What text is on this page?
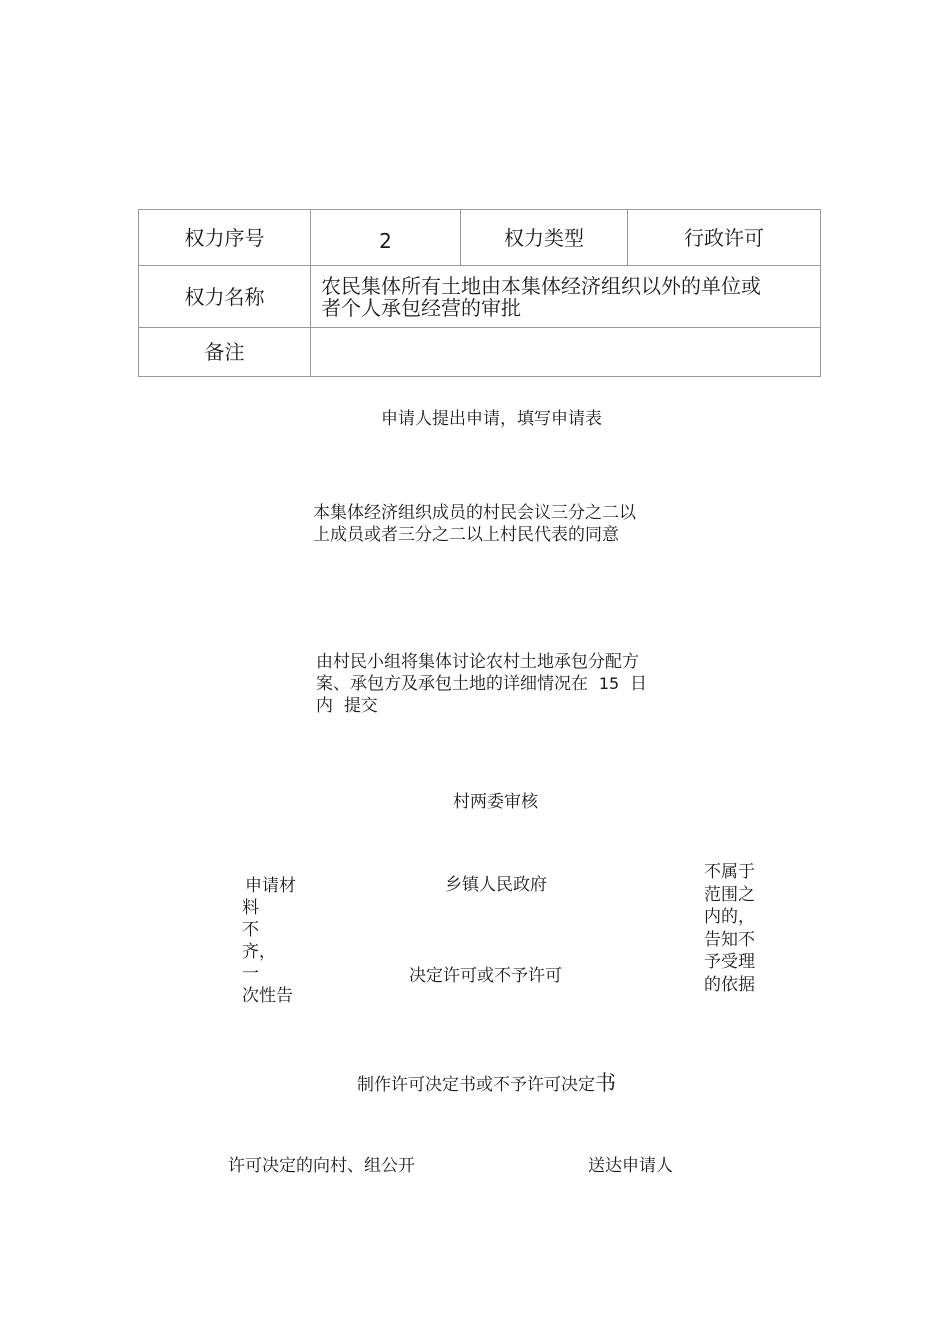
权力序号	2	权力类型	行政许可
权力名称	农民集体所有土地由本集体经济组织以外的单位或
者个人承包经营的审批		
备注			
申请人提出申请，填写申请表
本集体经济组织成员的村民会议三分之二以
上成员或者三分之二以上村民代表的同意
由村民小组将集体讨论农村土地承包分配方
案、承包方及承包土地的详细情况在 15 日
内 提交
村两委审核
申请材
料
不
齐，
一
次性告
乡镇人民政府
决定许可或不予许可
不属于
范围之
内的，
告知不
予受理
的依据
制作许可决定书或不予许可决定书
许可决定的向村、组公开	送达申请人
